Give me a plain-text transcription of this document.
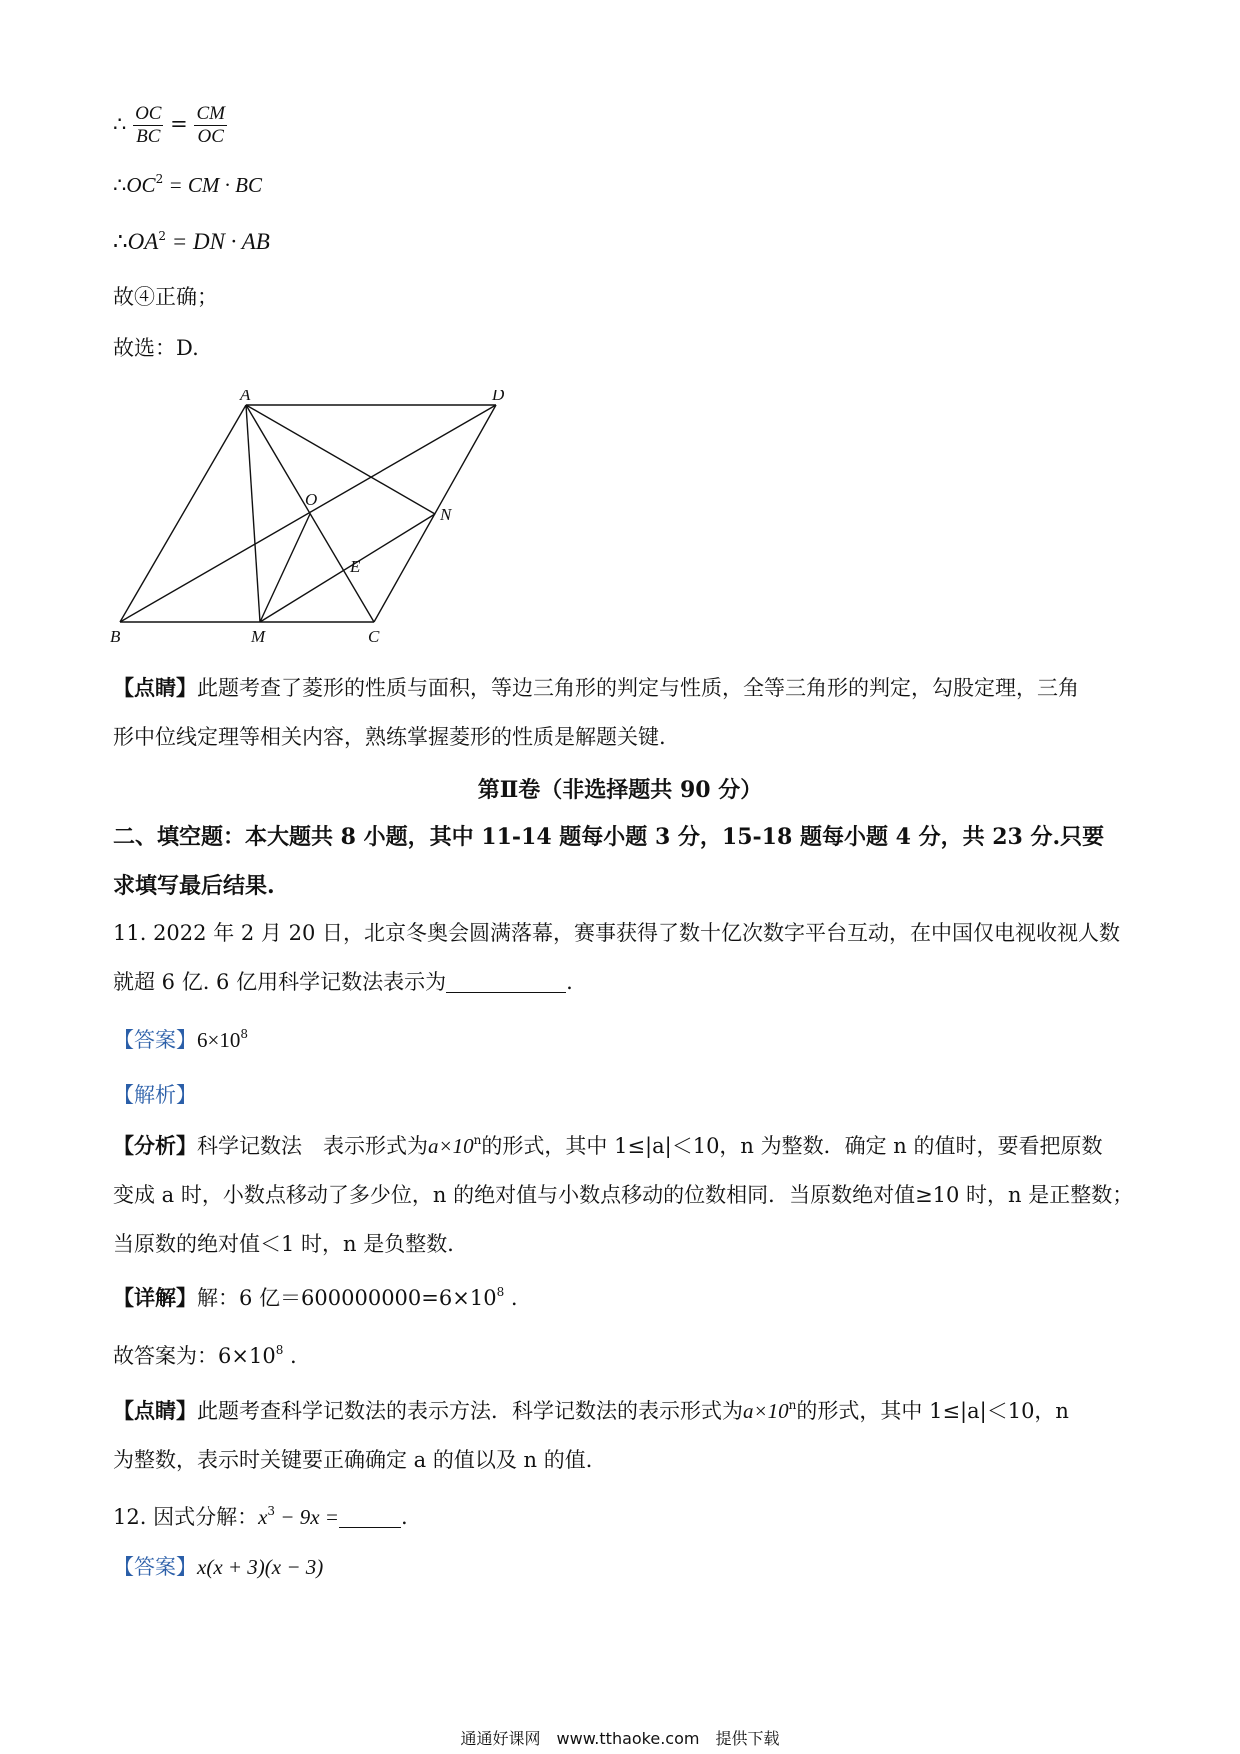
∴ $\frac{OC}{BC} = \frac{CM}{OC}$
$\therefore OC^2$ = CM · BC
$\therefore OA^2$ = DN · AB
故④正确；
故选：D.
A	D
O
N
E
B	M	C
【点睛】此题考查了菱形的性质与面积，等边三角形的判定与性质，全等三角形的判定，勾股定理，三角
形中位线定理等相关内容，熟练掌握菱形的性质是解题关键.
第Ⅱ卷（非选择题共 90 分）
二、填空题：本大题共 8 小题，其中 11-14 题每小题 3 分，15-18 题每小题 4 分，共 23 分.只要
求填写最后结果.
11. 2022 年 2 月 20 日，北京冬奥会圆满落幕，赛事获得了数十亿次数字平台互动，在中国仅电视收视人数
就超 6 亿. 6 亿用科学记数法表示为	.
【答案】$6\times 10^8$
【解析】
【分析】科学记数法　表示形式为$a\times 10^n$的形式，其中 1≤|a|＜10，n 为整数．确定 n 的值时，要看把原数
变成 a 时，小数点移动了多少位，n 的绝对值与小数点移动的位数相同．当原数绝对值≥10 时，n 是正整数；
当原数的绝对值＜1 时，n 是负整数．
【详解】解：6 亿$=600000000=6\times 10^8$ .
故答案为：$6\times 10^8$ .
【点睛】此题考查科学记数法的表示方法．科学记数法的表示形式为$a\times 10^n$的形式，其中 1≤|a|＜10，n
为整数，表示时关键要正确确定 a 的值以及 n 的值．
12. 因式分解：$x^3 - 9x$ =	.
【答案】x(x + 3)(x − 3)
通通好课网　www.tthaoke.com　提供下载
